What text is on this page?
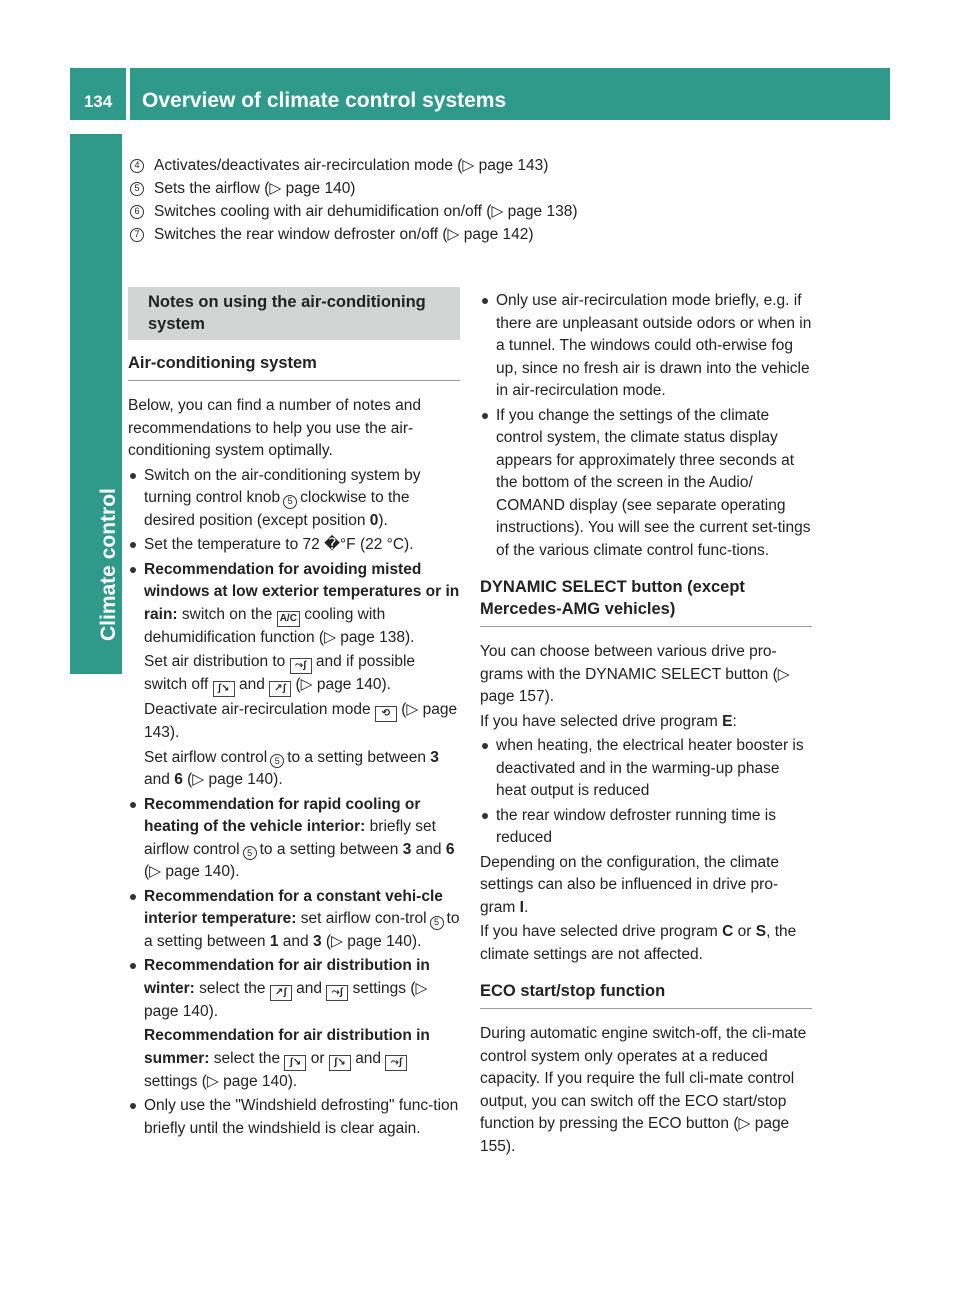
134	Overview of climate control systems
Climate control
4 Activates/deactivates air-recirculation mode (▷ page 143)
5 Sets the airflow (▷ page 140)
6 Switches cooling with air dehumidification on/off (▷ page 138)
7 Switches the rear window defroster on/off (▷ page 142)
Notes on using the air-conditioning
system
Air-conditioning system

Below, you can find a number of notes and recommendations to help you use the air-conditioning system optimally.

Switch on the air-conditioning system by turning control knob 5 clockwise to the desired position (except position 0).

Set the temperature to 72 �°F (22 °C).

Recommendation for avoiding misted windows at low exterior temperatures or in rain: switch on the A/C cooling with dehumidification function (▷ page 138).

Set air distribution to ⤳ʃ and if possible switch off ʃ↘ and ↗ʃ (▷ page 140).

Deactivate air-recirculation mode ⟲ (▷ page 143).

Set airflow control 5 to a setting between 3 and 6 (▷ page 140).

Recommendation for rapid cooling or heating of the vehicle interior: briefly set airflow control 5 to a setting between 3 and 6 (▷ page 140).

Recommendation for a constant vehi-cle interior temperature: set airflow con-trol 5 to a setting between 1 and 3 (▷ page 140).

Recommendation for air distribution in winter: select the ↗ʃ and ⤳ʃ settings (▷ page 140).

Recommendation for air distribution in summer: select the ʃ↘ or ʃ↘ and ⤳ʃ settings (▷ page 140).

Only use the "Windshield defrosting" func-tion briefly until the windshield is clear again.

Only use air-recirculation mode briefly, e.g. if there are unpleasant outside odors or when in a tunnel. The windows could oth-erwise fog up, since no fresh air is drawn into the vehicle in air-recirculation mode.

If you change the settings of the climate control system, the climate status display appears for approximately three seconds at the bottom of the screen in the Audio/ COMAND display (see separate operating instructions). You will see the current set-tings of the various climate control func-tions.

DYNAMIC SELECT button (except Mercedes-AMG vehicles)

You can choose between various drive pro-grams with the DYNAMIC SELECT button (▷ page 157).

If you have selected drive program E:

when heating, the electrical heater booster is deactivated and in the warming-up phase heat output is reduced

the rear window defroster running time is reduced

Depending on the configuration, the climate settings can also be influenced in drive pro-gram I.

If you have selected drive program C or S, the climate settings are not affected.

ECO start/stop function

During automatic engine switch-off, the cli-mate control system only operates at a reduced capacity. If you require the full cli-mate control output, you can switch off the ECO start/stop function by pressing the ECO button (▷ page 155).
